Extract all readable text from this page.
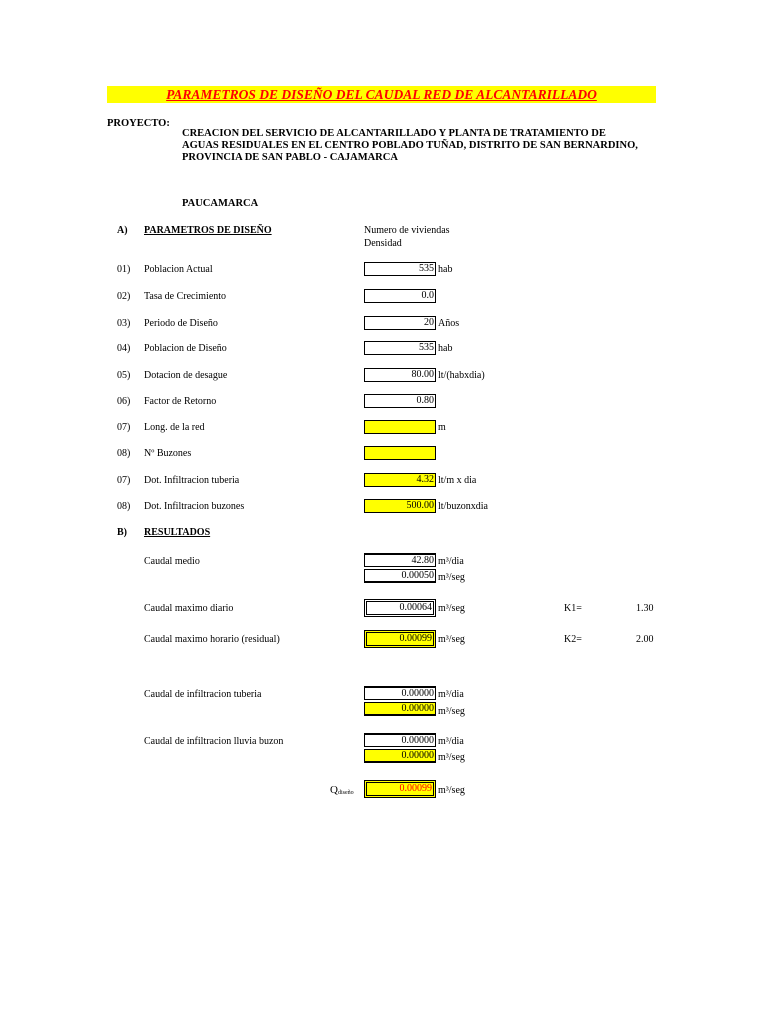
PARAMETROS DE DISEÑO DEL CAUDAL RED DE ALCANTARILLADO
PROYECTO:
CREACION DEL SERVICIO DE ALCANTARILLADO Y PLANTA DE TRATAMIENTO DE AGUAS RESIDUALES EN EL CENTRO POBLADO TUÑAD, DISTRITO DE SAN BERNARDINO, PROVINCIA DE SAN PABLO - CAJAMARCA
PAUCAMARCA
A) PARAMETROS DE DISEÑO	Numero de viviendas
Densidad
01) Poblacion Actual	535 hab
02) Tasa de Crecimiento	0.0
03) Periodo de Diseño	20 Años
04) Poblacion de Diseño	535 hab
05) Dotacion de desague	80.00 lt/(habxdia)
06) Factor de Retorno	0.80
07) Long. de la red	m
08) Nº Buzones
07) Dot. Infiltracion tuberia	4.32 lt/m x dia
08) Dot. Infiltracion buzones	500.00 lt/buzonxdia
B) RESULTADOS
Caudal medio	42.80 m³/dia
0.00050 m³/seg
Caudal maximo diario	0.00064 m³/seg	K1=	1.30
Caudal maximo horario (residual)	0.00099 m³/seg	K2=	2.00
Caudal de infiltracion tuberia	0.00000 m³/dia
0.00000 m³/seg
Caudal de infiltracion lluvia buzon	0.00000 m³/dia
0.00000 m³/seg
$Q_{diseño}$	0.00099 m³/seg
